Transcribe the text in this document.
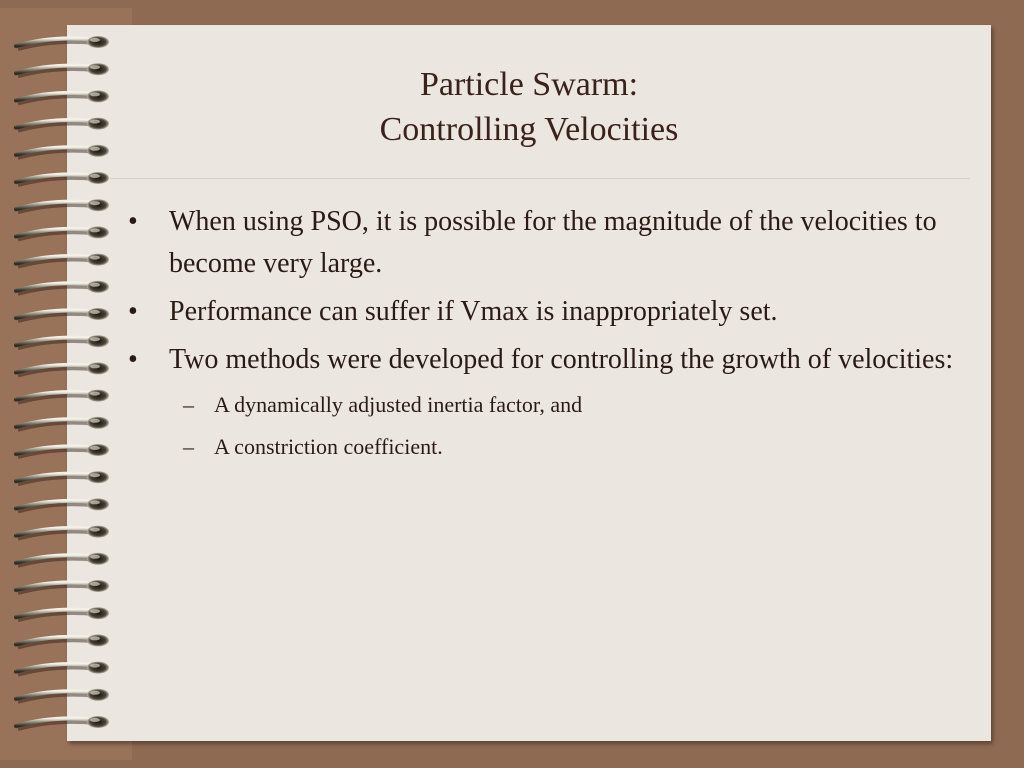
Particle Swarm:
Controlling Velocities
• When using PSO, it is possible for the magnitude of the velocities to become very large.
• Performance can suffer if Vmax is inappropriately set.
• Two methods were developed for controlling the growth of velocities:
– A dynamically adjusted inertia factor, and
– A constriction coefficient.
